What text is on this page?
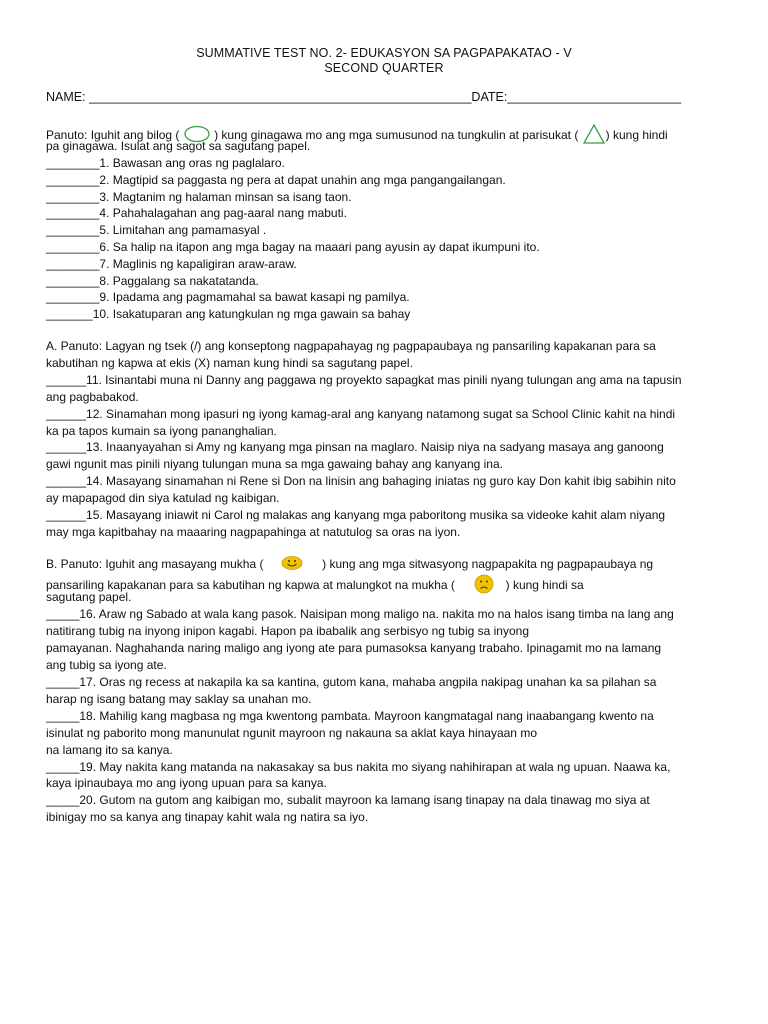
SUMMATIVE TEST NO. 2- EDUKASYON SA PAGPAPAKATAO - V
SECOND QUARTER
NAME: _______________________________________________________DATE:_________________________
Panuto: Iguhit ang bilog (  ) kung ginagawa mo ang mga sumusunod na tungkulin at parisukat ( ) kung hindi
pa ginagawa. Isulat ang sagot sa sagutang papel.
________1. Bawasan ang oras ng paglalaro.
________2. Magtipid sa paggasta ng pera at dapat unahin ang mga pangangailangan.
________3. Magtanim ng halaman minsan sa isang taon.
________4. Pahahalagahan ang pag-aaral nang mabuti.
________5. Limitahan ang pamamasyal .
________6. Sa halip na itapon ang mga bagay na maaari pang ayusin ay dapat ikumpuni ito.
________7. Maglinis ng kapaligiran araw-araw.
________8. Paggalang sa nakatatanda.
________9. Ipadama ang pagmamahal sa bawat kasapi ng pamilya.
_______10. Isakatuparan ang katungkulan ng mga gawain sa bahay
A. Panuto: Lagyan ng tsek (/) ang konseptong nagpapahayag ng pagpapaubaya ng pansariling kapakanan para sa
kabutihan ng kapwa at ekis (X) naman kung hindi sa sagutang papel.
______11. Isinantabi muna ni Danny ang paggawa ng proyekto sapagkat mas pinili nyang tulungan ang ama na tapusin
ang pagbabakod.
______12. Sinamahan mong ipasuri ng iyong kamag-aral ang kanyang natamong sugat sa School Clinic kahit na hindi
ka pa tapos kumain sa iyong pananghalian.
______13. Inaanyayahan si Amy ng kanyang mga pinsan na maglaro. Naisip niya na sadyang masaya ang ganoong
gawi ngunit mas pinili niyang tulungan muna sa mga gawaing bahay ang kanyang ina.
______14. Masayang sinamahan ni Rene si Don na linisin ang bahaging iniatas ng guro kay Don kahit ibig sabihin nito
ay mapapagod din siya katulad ng kaibigan.
______15. Masayang iniawit ni Carol ng malakas ang kanyang mga paboritong musika sa videoke kahit alam niyang
may mga kapitbahay na maaaring nagpapahinga at natutulog sa oras na iyon.
B. Panuto: Iguhit ang masayang mukha (	) kung ang mga sitwasyong nagpapakita ng pagpapaubaya ng
pansariling kapakanan para sa kabutihan ng kapwa at malungkot na mukha (	) kung hindi sa
sagutang papel.
_____16. Araw ng Sabado at wala kang pasok. Naisipan mong maligo na. nakita mo na halos isang timba na lang ang
natitirang tubig na inyong inipon kagabi. Hapon pa ibabalik ang serbisyo ng tubig sa inyong
pamayanan. Naghahanda naring maligo ang iyong ate para pumasoksa kanyang trabaho. Ipinagamit mo na lamang
ang tubig sa iyong ate.
_____17. Oras ng recess at nakapila ka sa kantina, gutom kana, mahaba angpila nakipag unahan ka sa pilahan sa
harap ng isang batang may saklay sa unahan mo.
_____18. Mahilig kang magbasa ng mga kwentong pambata. Mayroon kangmatagal nang inaabangang kwento na
isinulat ng paborito mong manunulat ngunit mayroon ng nakauna sa aklat kaya hinayaan mo
na lamang ito sa kanya.
_____19. May nakita kang matanda na nakasakay sa bus nakita mo siyang nahihirapan at wala ng upuan. Naawa ka,
kaya ipinaubaya mo ang iyong upuan para sa kanya.
_____20. Gutom na gutom ang kaibigan mo, subalit mayroon ka lamang isang tinapay na dala tinawag mo siya at
ibinigay mo sa kanya ang tinapay kahit wala ng natira sa iyo.
